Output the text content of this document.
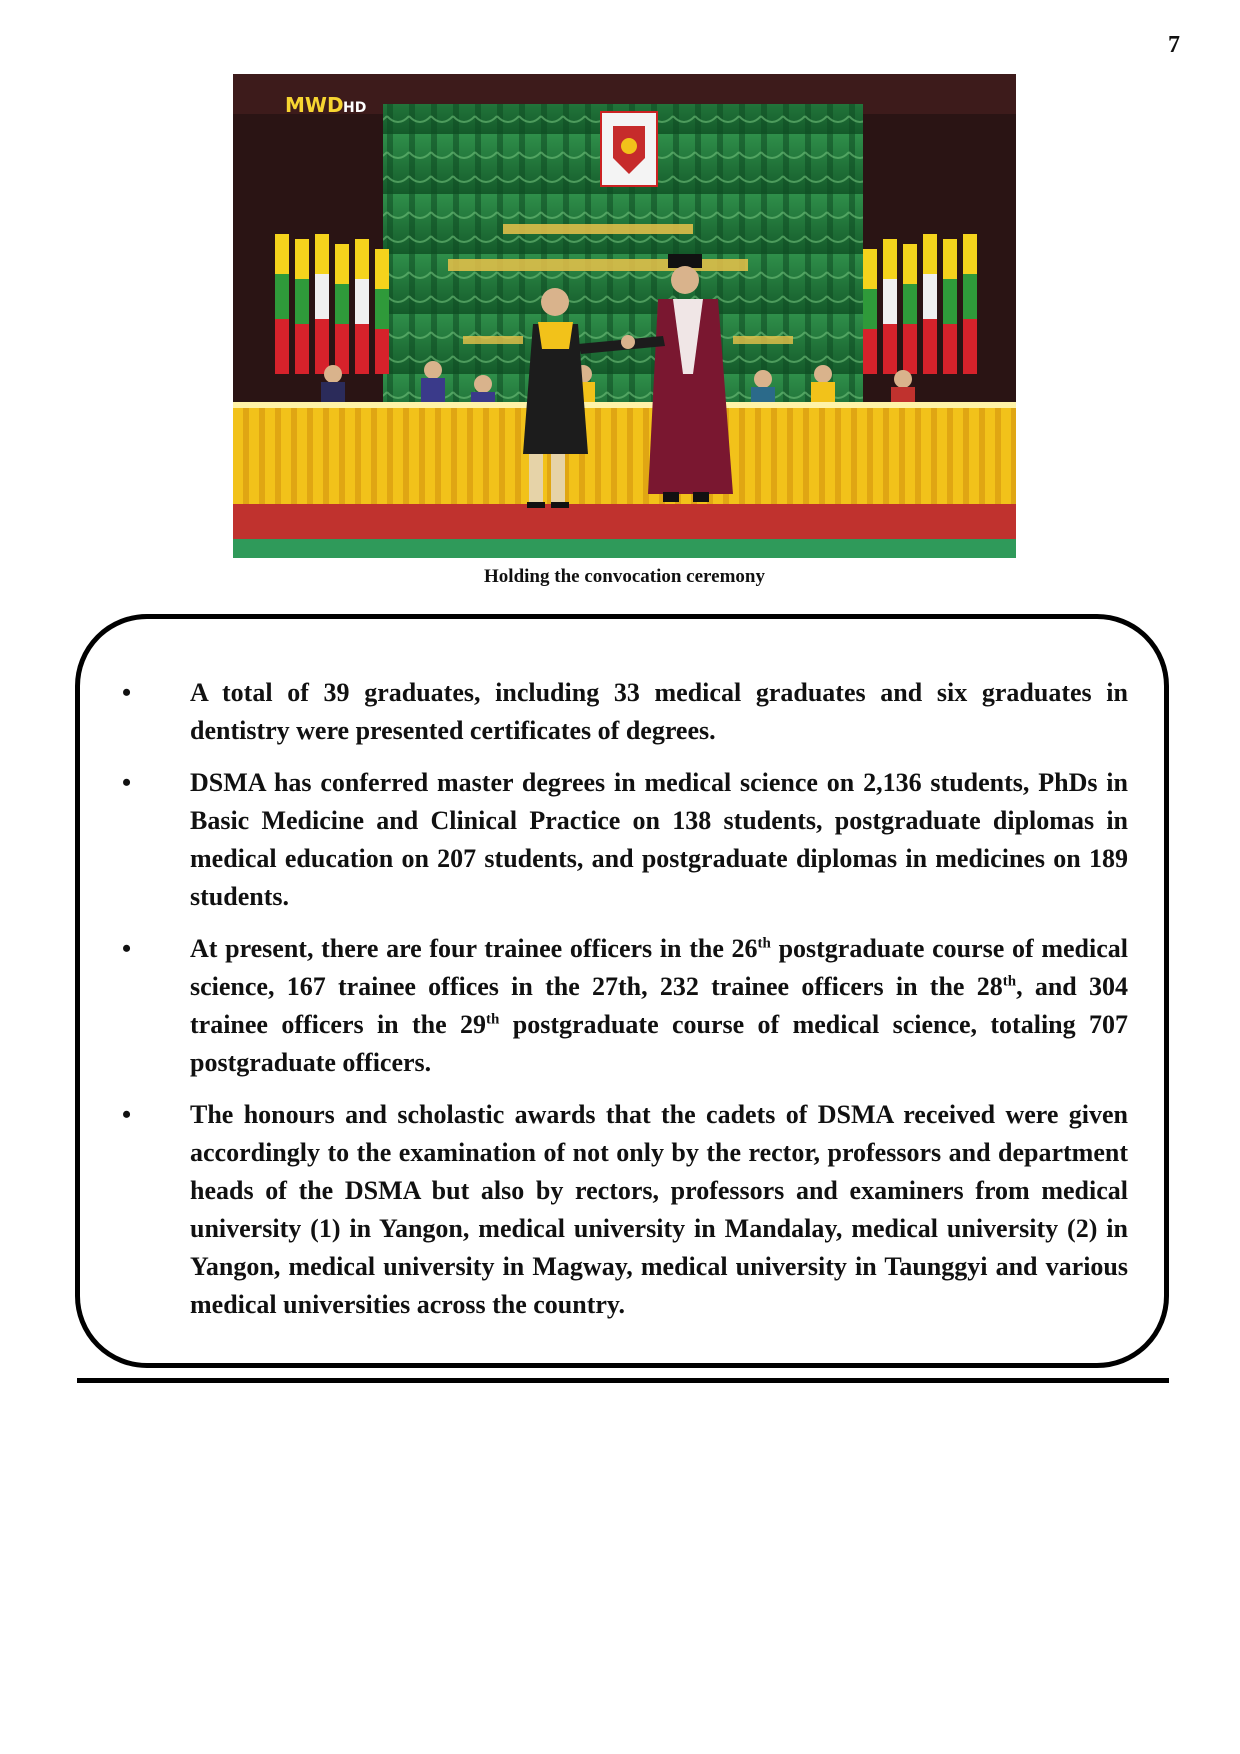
7
MWD HD
Holding the convocation ceremony
• A total of 39 graduates, including 33 medical graduates and six graduates in dentistry were presented certificates of degrees.
• DSMA has conferred master degrees in medical science on 2,136 students, PhDs in Basic Medicine and Clinical Practice on 138 students, postgraduate diplomas in medical education on 207 students, and postgraduate diplomas in medicines on 189 students.
• At present, there are four trainee officers in the 26th postgraduate course of medical science, 167 trainee offices in the 27th, 232 trainee officers in the 28th, and 304 trainee officers in the 29th postgraduate course of medical science, totaling 707 postgraduate officers.
• The honours and scholastic awards that the cadets of DSMA received were given accordingly to the examination of not only by the rector, professors and department heads of the DSMA but also by rectors, professors and examiners from medical university (1) in Yangon, medical university in Mandalay, medical university (2) in Yangon, medical university in Magway, medical university in Taunggyi and various medical universities across the country.
